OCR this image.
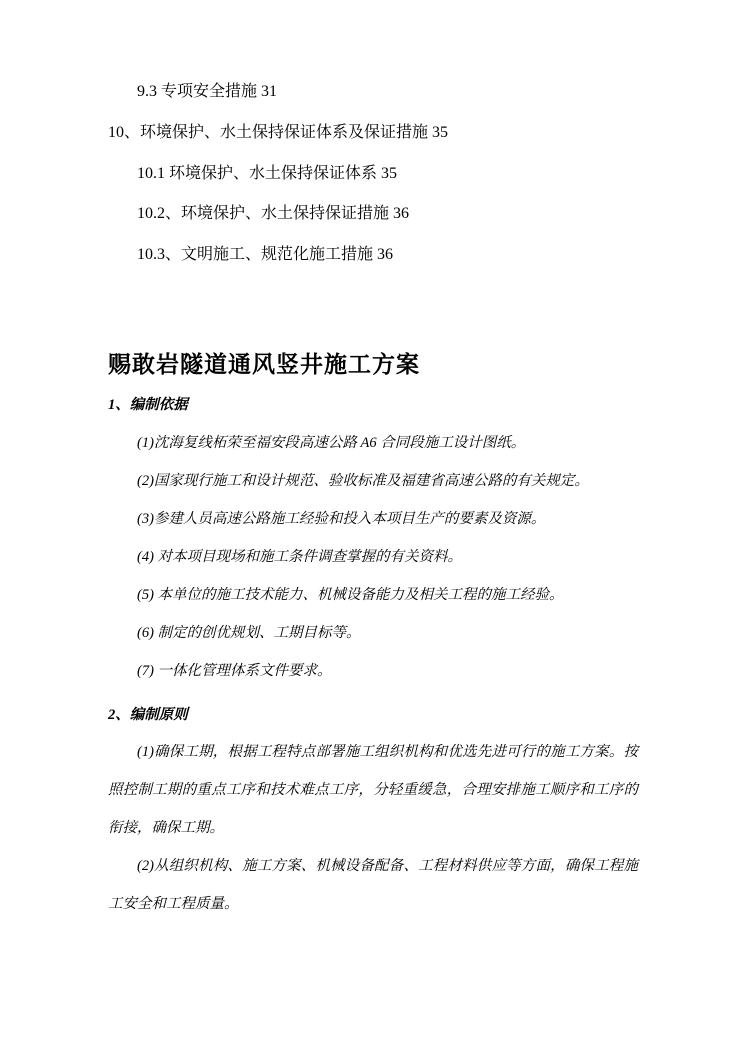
9.3 专项安全措施 31

10、环境保护、水土保持保证体系及保证措施 35

10.1 环境保护、水土保持保证体系 35

10.2、环境保护、水土保持保证措施 36

10.3、文明施工、规范化施工措施 36

赐敢岩隧道通风竖井施工方案
1、编制依据

(1)沈海复线柘荣至福安段高速公路 A6 合同段施工设计图纸。

(2)国家现行施工和设计规范、验收标准及福建省高速公路的有关规定。

(3)参建人员高速公路施工经验和投入本项目生产的要素及资源。

(4) 对本项目现场和施工条件调查掌握的有关资料。

(5) 本单位的施工技术能力、机械设备能力及相关工程的施工经验。

(6) 制定的创优规划、工期目标等。

(7) 一体化管理体系文件要求。

2、编制原则

(1)确保工期，根据工程特点部署施工组织机构和优选先进可行的施工方案。按照控制工期的重点工序和技术难点工序，分轻重缓急，合理安排施工顺序和工序的衔接，确保工期。

(2)从组织机构、施工方案、机械设备配备、工程材料供应等方面，确保工程施工安全和工程质量。
